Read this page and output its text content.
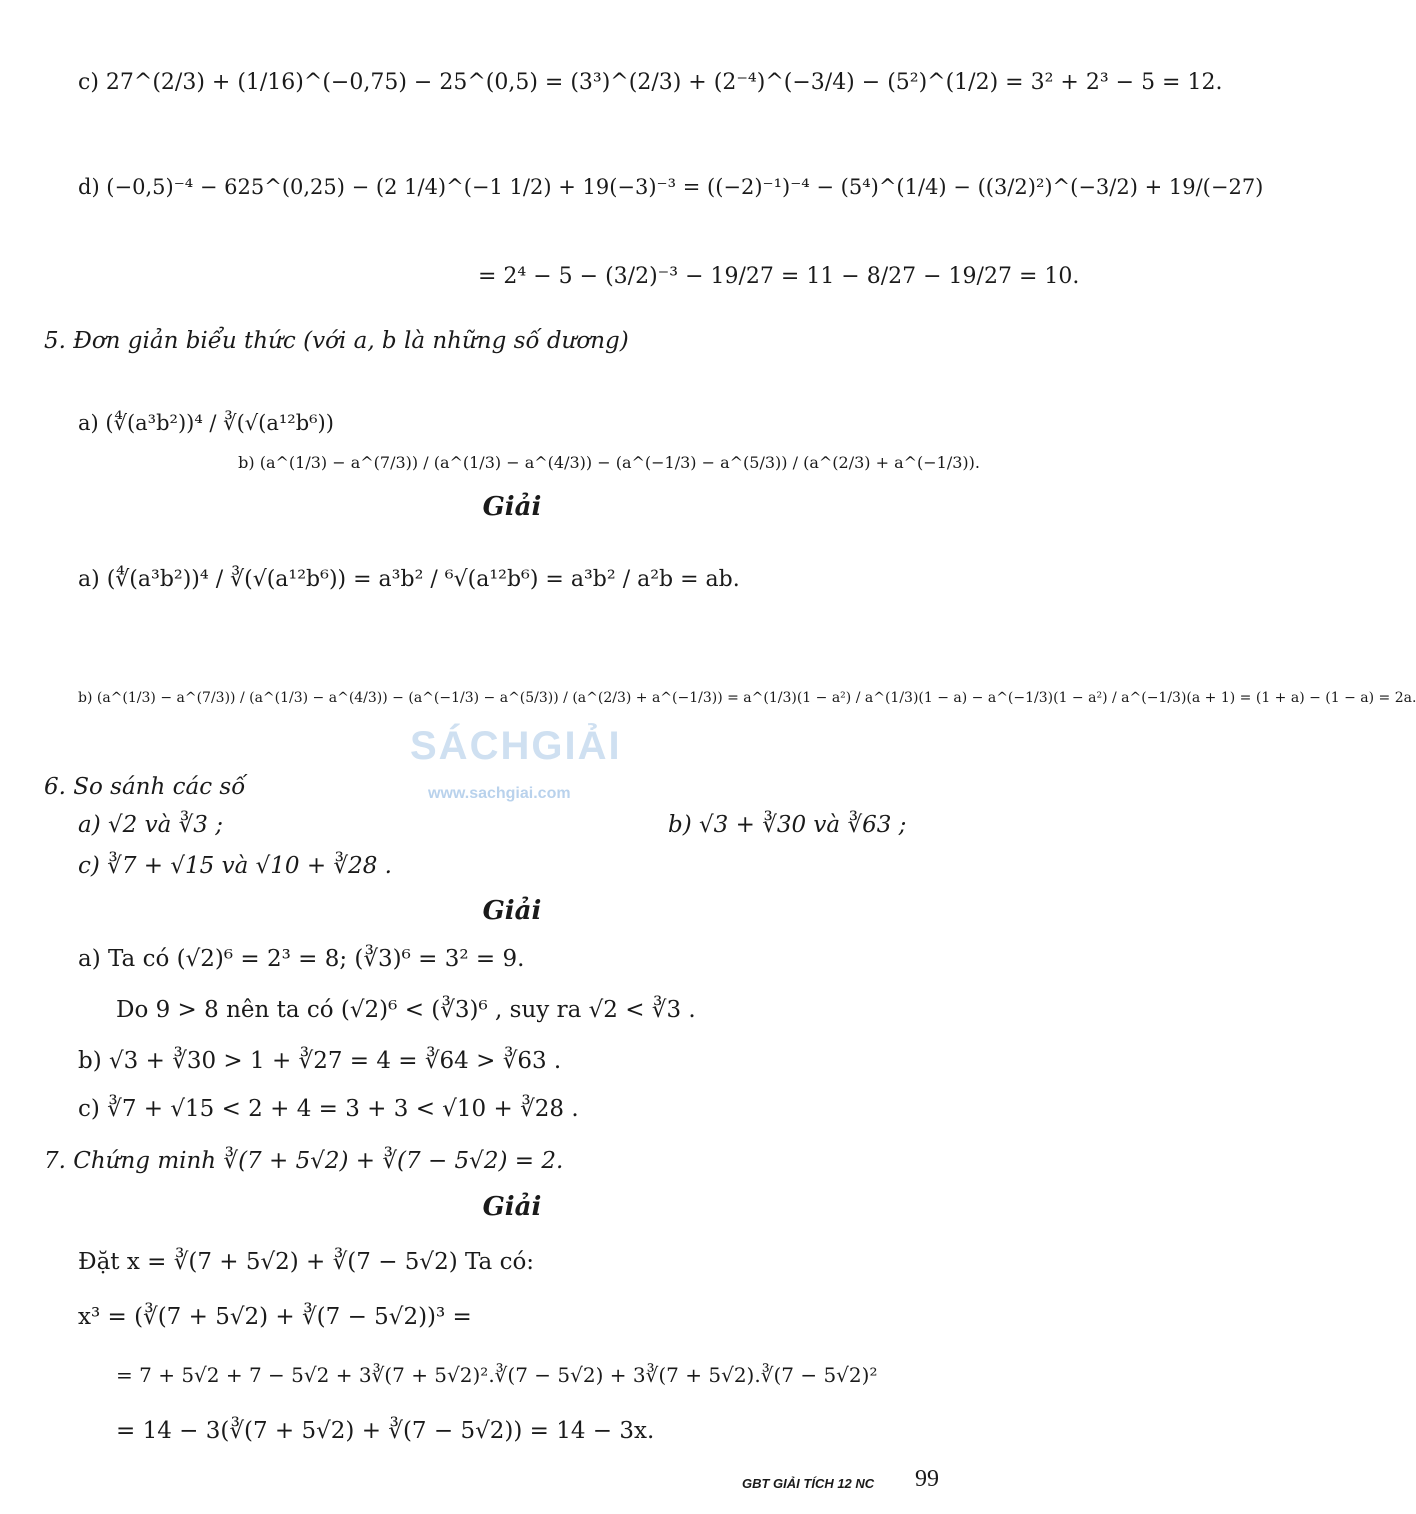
c) 27^(2/3) + (1/16)^(−0,75) − 25^(0,5) = (3³)^(2/3) + (2⁻⁴)^(−3/4) − (5²)^(1/2) = 3² + 2³ − 5 = 12.
d) (−0,5)⁻⁴ − 625^(0,25) − (2 1/4)^(−1 1/2) + 19(−3)⁻³ = ((−2)⁻¹)⁻⁴ − (5⁴)^(1/4) − ((3/2)²)^(−3/2) + 19/(−27)
= 2⁴ − 5 − (3/2)⁻³ − 19/27 = 11 − 8/27 − 19/27 = 10.
5. Đơn giản biểu thức (với a, b là những số dương)
a) (∜(a³b²))⁴ / ∛(√(a¹²b⁶))
b) (a^(1/3) − a^(7/3)) / (a^(1/3) − a^(4/3)) − (a^(−1/3) − a^(5/3)) / (a^(2/3) + a^(−1/3)).
Giải
a) (∜(a³b²))⁴ / ∛(√(a¹²b⁶)) = a³b² / ⁶√(a¹²b⁶) = a³b² / a²b = ab.
b) (a^(1/3) − a^(7/3)) / (a^(1/3) − a^(4/3)) − (a^(−1/3) − a^(5/3)) / (a^(2/3) + a^(−1/3)) = a^(1/3)(1 − a²) / a^(1/3)(1 − a) − a^(−1/3)(1 − a²) / a^(−1/3)(a + 1) = (1 + a) − (1 − a) = 2a.
SÁCHGIẢI
www.sachgiai.com
6. So sánh các số
a) √2 và ∛3 ;	b) √3 + ∛30 và ∛63 ;
c) ∛7 + √15 và √10 + ∛28 .
Giải
a) Ta có (√2)⁶ = 2³ = 8; (∛3)⁶ = 3² = 9.
Do 9 > 8 nên ta có (√2)⁶ < (∛3)⁶ , suy ra √2 < ∛3 .
b) √3 + ∛30 > 1 + ∛27 = 4 = ∛64 > ∛63 .
c) ∛7 + √15 < 2 + 4 = 3 + 3 < √10 + ∛28 .
7. Chứng minh ∛(7 + 5√2) + ∛(7 − 5√2) = 2.
Giải
Đặt x = ∛(7 + 5√2) + ∛(7 − 5√2) Ta có:
x³ = (∛(7 + 5√2) + ∛(7 − 5√2))³ =
= 7 + 5√2 + 7 − 5√2 + 3∛(7 + 5√2)².∛(7 − 5√2) + 3∛(7 + 5√2).∛(7 − 5√2)²
= 14 − 3(∛(7 + 5√2) + ∛(7 − 5√2)) = 14 − 3x.
GBT GIẢI TÍCH 12 NC 99
